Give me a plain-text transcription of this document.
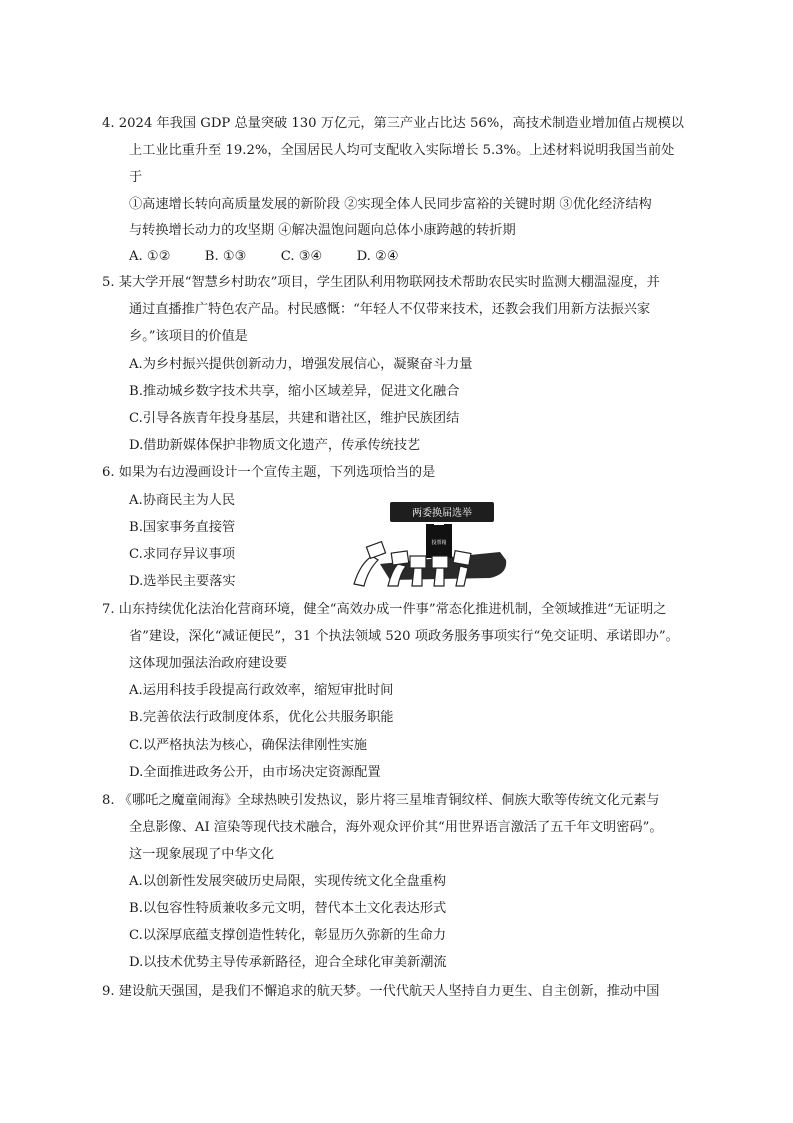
4. 2024 年我国 GDP 总量突破 130 万亿元，第三产业占比达 56%，高技术制造业增加值占规模以
上工业比重升至 19.2%，全国居民人均可支配收入实际增长 5.3%。上述材料说明我国当前处
于
①高速增长转向高质量发展的新阶段 ②实现全体人民同步富裕的关键时期 ③优化经济结构
与转换增长动力的攻坚期 ④解决温饱问题向总体小康跨越的转折期
A. ①②	B. ①③	C. ③④	D. ②④
5. 某大学开展“智慧乡村助农”项目，学生团队利用物联网技术帮助农民实时监测大棚温湿度，并
通过直播推广特色农产品。村民感慨：“年轻人不仅带来技术，还教会我们用新方法振兴家
乡。”该项目的价值是
A.为乡村振兴提供创新动力，增强发展信心，凝聚奋斗力量
B.推动城乡数字技术共享，缩小区域差异，促进文化融合
C.引导各族青年投身基层，共建和谐社区，维护民族团结
D.借助新媒体保护非物质文化遗产，传承传统技艺
6. 如果为右边漫画设计一个宣传主题，下列选项恰当的是
A.协商民主为人民
B.国家事务直接管
C.求同存异议事项
D.选举民主要落实
两委换届选举
投票箱
7. 山东持续优化法治化营商环境，健全“高效办成一件事”常态化推进机制，全领域推进“无证明之
省”建设，深化“减证便民”，31 个执法领域 520 项政务服务事项实行“免交证明、承诺即办”。
这体现加强法治政府建设要
A.运用科技手段提高行政效率，缩短审批时间
B.完善依法行政制度体系，优化公共服务职能
C.以严格执法为核心，确保法律刚性实施
D.全面推进政务公开，由市场决定资源配置
8. 《哪吒之魔童闹海》全球热映引发热议，影片将三星堆青铜纹样、侗族大歌等传统文化元素与
全息影像、AI 渲染等现代技术融合，海外观众评价其“用世界语言激活了五千年文明密码”。
这一现象展现了中华文化
A.以创新性发展突破历史局限，实现传统文化全盘重构
B.以包容性特质兼收多元文明，替代本土文化表达形式
C.以深厚底蕴支撑创造性转化，彰显历久弥新的生命力
D.以技术优势主导传承新路径，迎合全球化审美新潮流
9. 建设航天强国，是我们不懈追求的航天梦。一代代航天人坚持自力更生、自主创新，推动中国
